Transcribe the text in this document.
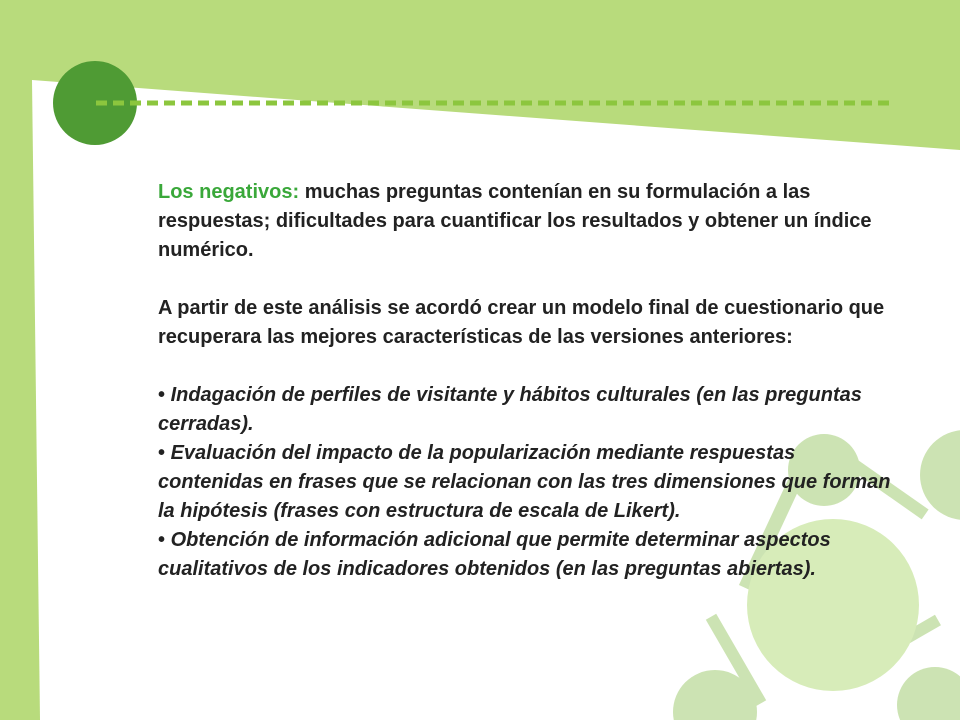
Los negativos: muchas preguntas contenían en su formulación a las respuestas; dificultades para cuantificar los resultados y obtener un índice numérico.

A partir de este análisis se acordó crear un modelo final de cuestionario que recuperara las mejores características de las versiones anteriores:

• Indagación de perfiles de visitante y hábitos culturales (en las preguntas cerradas).

• Evaluación del impacto de la popularización mediante respuestas contenidas en frases que se relacionan con las tres dimensiones que forman la hipótesis (frases con estructura de escala de Likert).

• Obtención de información adicional que permite determinar aspectos cualitativos de los indicadores obtenidos (en las preguntas abiertas).
